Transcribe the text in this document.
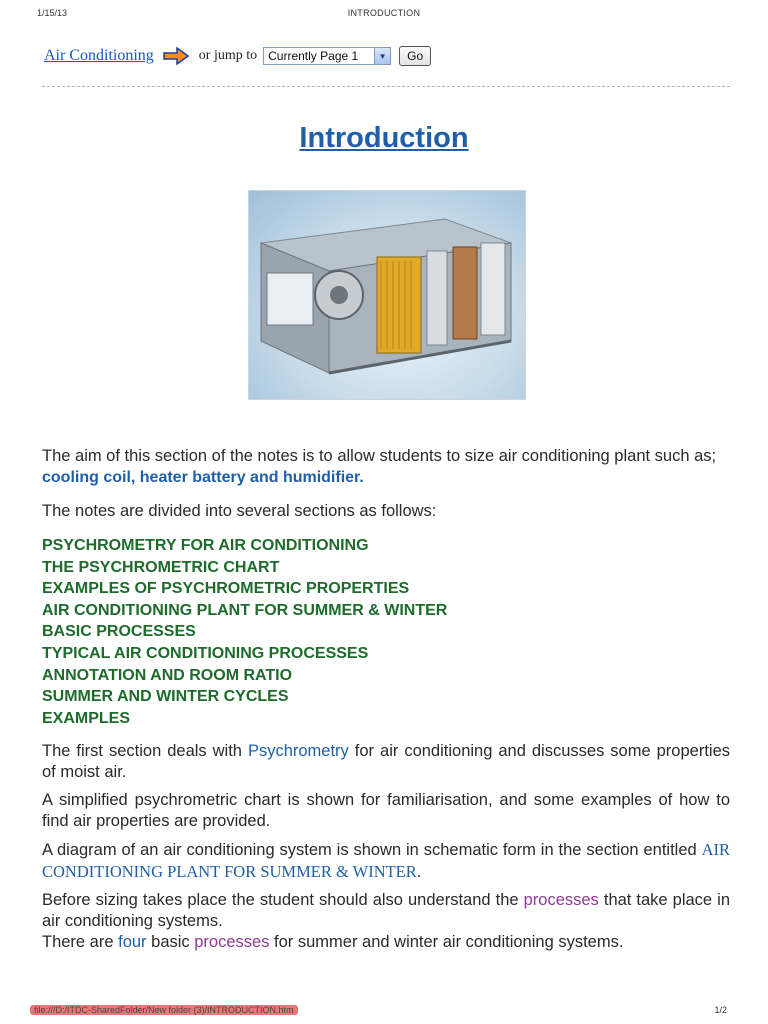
1/15/13	INTRODUCTION
Air Conditioning	or jump to Currently Page 1	▼	Go
Introduction

The aim of this section of the notes is to allow students to size air conditioning plant such as;

cooling coil, heater battery and humidifier.

The notes are divided into several sections as follows:

PSYCHROMETRY FOR AIR CONDITIONING
THE PSYCHROMETRIC CHART
EXAMPLES OF PSYCHROMETRIC PROPERTIES
AIR CONDITIONING PLANT FOR SUMMER & WINTER
BASIC PROCESSES
TYPICAL AIR CONDITIONING PROCESSES
ANNOTATION AND ROOM RATIO
SUMMER AND WINTER CYCLES
EXAMPLES

The first section deals with Psychrometry for air conditioning and discusses some properties of moist air.

A simplified psychrometric chart is shown for familiarisation, and some examples of how to find air properties are provided.

A diagram of an air conditioning system is shown in schematic form in the section entitled AIR CONDITIONING PLANT FOR SUMMER & WINTER.

Before sizing takes place the student should also understand the processes that take place in air conditioning systems.

There are four basic processes for summer and winter air conditioning systems.

file:///D:/ITDC-SharedFolder/New folder (3)/INTRODUCTION.htm	1/2
